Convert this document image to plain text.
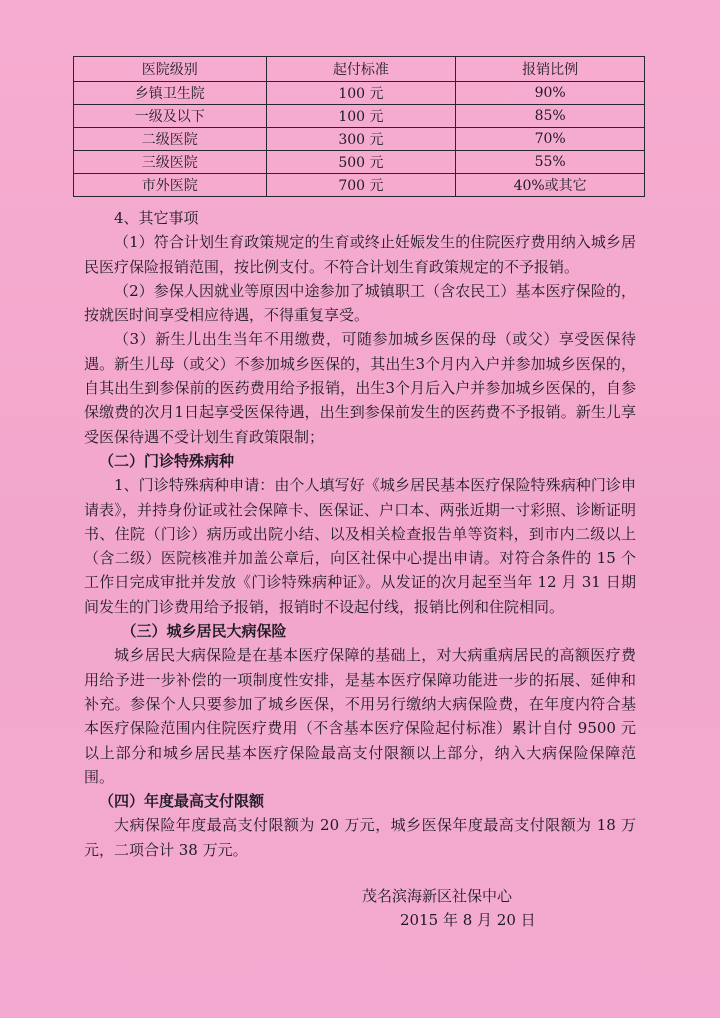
医院级别	起付标准	报销比例
乡镇卫生院	100 元	90%
一级及以下	100 元	85%
二级医院	300 元	70%
三级医院	500 元	55%
市外医院	700 元	40%或其它

4、其它事项

（1）符合计划生育政策规定的生育或终止妊娠发生的住院医疗费用纳入城乡居民医疗保险报销范围，按比例支付。不符合计划生育政策规定的不予报销。

（2）参保人因就业等原因中途参加了城镇职工（含农民工）基本医疗保险的，按就医时间享受相应待遇，不得重复享受。

（3）新生儿出生当年不用缴费，可随参加城乡医保的母（或父）享受医保待遇。新生儿母（或父）不参加城乡医保的，其出生3个月内入户并参加城乡医保的，自其出生到参保前的医药费用给予报销，出生3个月后入户并参加城乡医保的，自参保缴费的次月1日起享受医保待遇，出生到参保前发生的医药费不予报销。新生儿享受医保待遇不受计划生育政策限制；

（二）门诊特殊病种

1、门诊特殊病种申请：由个人填写好《城乡居民基本医疗保险特殊病种门诊申请表》，并持身份证或社会保障卡、医保证、户口本、两张近期一寸彩照、诊断证明书、住院（门诊）病历或出院小结、以及相关检查报告单等资料，到市内二级以上（含二级）医院核准并加盖公章后，向区社保中心提出申请。对符合条件的 15 个工作日完成审批并发放《门诊特殊病种证》。从发证的次月起至当年 12 月 31 日期间发生的门诊费用给予报销，报销时不设起付线，报销比例和住院相同。

（三）城乡居民大病保险

城乡居民大病保险是在基本医疗保障的基础上，对大病重病居民的高额医疗费用给予进一步补偿的一项制度性安排，是基本医疗保障功能进一步的拓展、延伸和补充。参保个人只要参加了城乡医保，不用另行缴纳大病保险费，在年度内符合基本医疗保险范围内住院医疗费用（不含基本医疗保险起付标准）累计自付 9500 元以上部分和城乡居民基本医疗保险最高支付限额以上部分，纳入大病保险保障范围。

（四）年度最高支付限额

大病保险年度最高支付限额为 20 万元，城乡医保年度最高支付限额为 18 万元，二项合计 38 万元。

茂名滨海新区社保中心
2015 年 8 月 20 日
